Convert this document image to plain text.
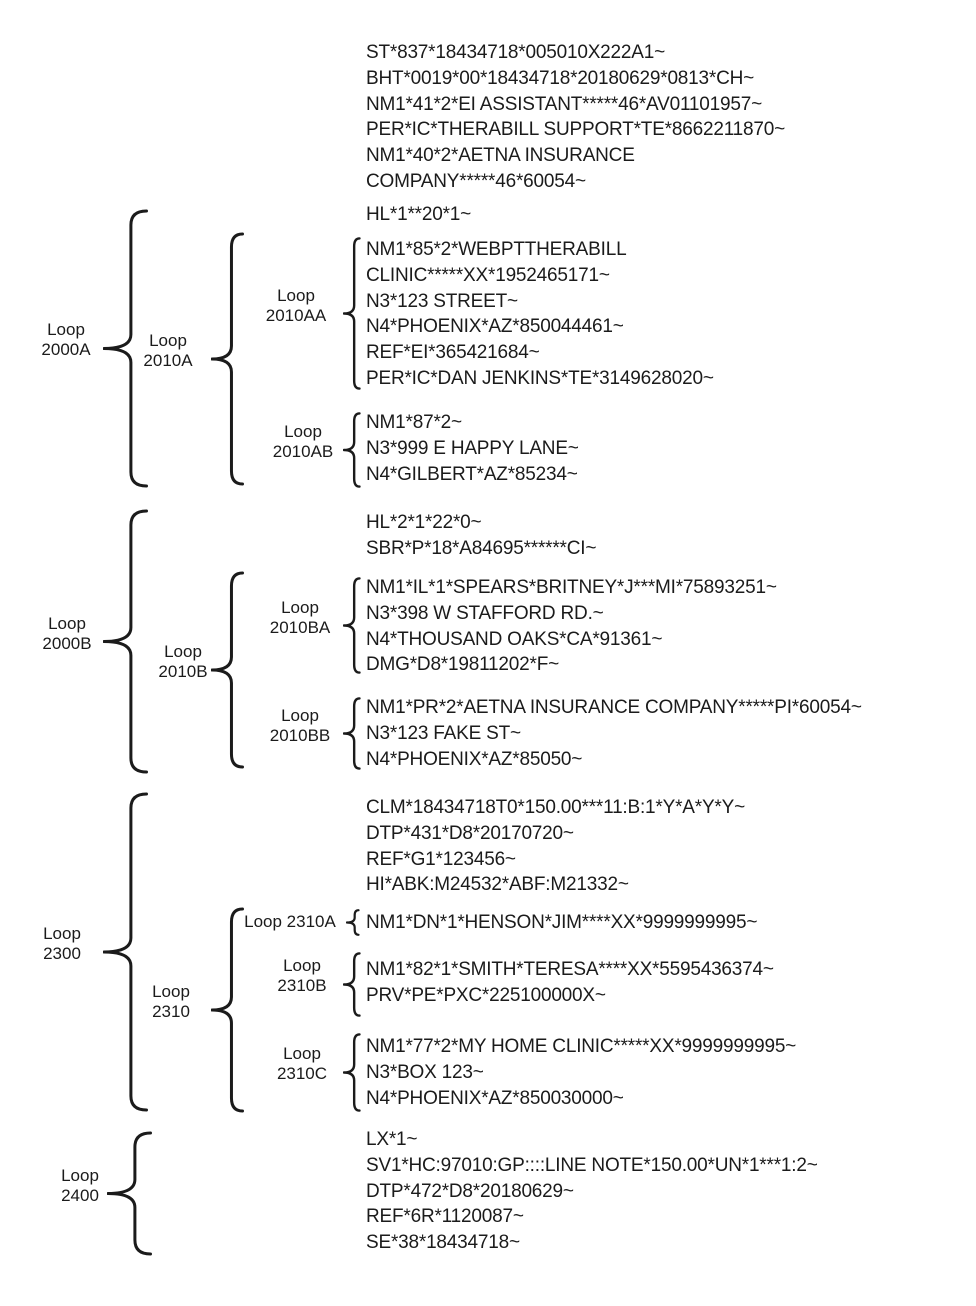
ST*837*18434718*005010X222A1~
BHT*0019*00*18434718*20180629*0813*CH~
NM1*41*2*EI ASSISTANT*****46*AV01101957~
PER*IC*THERABILL SUPPORT*TE*8662211870~
NM1*40*2*AETNA INSURANCE
COMPANY*****46*60054~
HL*1**20*1~
NM1*85*2*WEBPTTHERABILL
CLINIC*****XX*1952465171~
N3*123 STREET~
N4*PHOENIX*AZ*850044461~
REF*EI*365421684~
PER*IC*DAN JENKINS*TE*3149628020~
NM1*87*2~
N3*999 E HAPPY LANE~
N4*GILBERT*AZ*85234~
HL*2*1*22*0~
SBR*P*18*A84695******CI~
NM1*IL*1*SPEARS*BRITNEY*J***MI*75893251~
N3*398 W STAFFORD RD.~
N4*THOUSAND OAKS*CA*91361~
DMG*D8*19811202*F~
NM1*PR*2*AETNA INSURANCE COMPANY*****PI*60054~
N3*123 FAKE ST~
N4*PHOENIX*AZ*85050~
CLM*18434718T0*150.00***11:B:1*Y*A*Y*Y~
DTP*431*D8*20170720~
REF*G1*123456~
HI*ABK:M24532*ABF:M21332~
NM1*DN*1*HENSON*JIM****XX*9999999995~
NM1*82*1*SMITH*TERESA****XX*5595436374~
PRV*PE*PXC*225100000X~
NM1*77*2*MY HOME CLINIC*****XX*9999999995~
N3*BOX 123~
N4*PHOENIX*AZ*850030000~
LX*1~
SV1*HC:97010:GP::::LINE NOTE*150.00*UN*1***1:2~
DTP*472*D8*20180629~
REF*6R*1120087~
SE*38*18434718~
Loop
2000A	Loop
2010A
Loop
2010AA
Loop
2010AB
Loop
2000B	Loop
2010B
Loop
2010BA
Loop
2010BB
Loop
2300
Loop
2310
Loop 2310A
Loop
2310B
Loop
2310C
Loop
2400
